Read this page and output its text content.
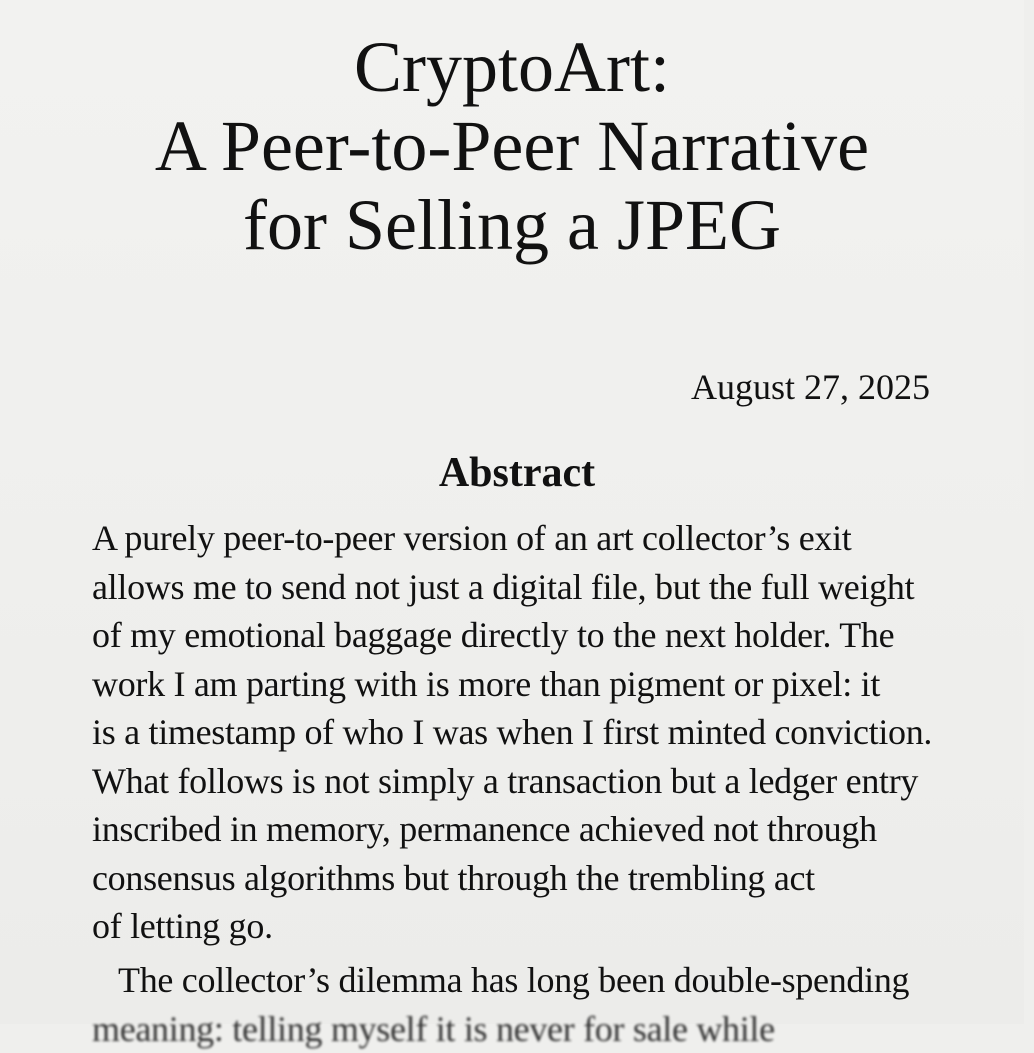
CryptoArt:
A Peer-to-Peer Narrative
for Selling a JPEG
August 27, 2025
Abstract

A purely peer-to-peer version of an art collector’s exit
allows me to send not just a digital file, but the full weight
of my emotional baggage directly to the next holder. The
work I am parting with is more than pigment or pixel: it
is a timestamp of who I was when I first minted conviction.
What follows is not simply a transaction but a ledger entry
inscribed in memory, permanence achieved not through
consensus algorithms but through the trembling act
of letting go.

The collector’s dilemma has long been double-spending
meaning: telling myself it is never for sale while
